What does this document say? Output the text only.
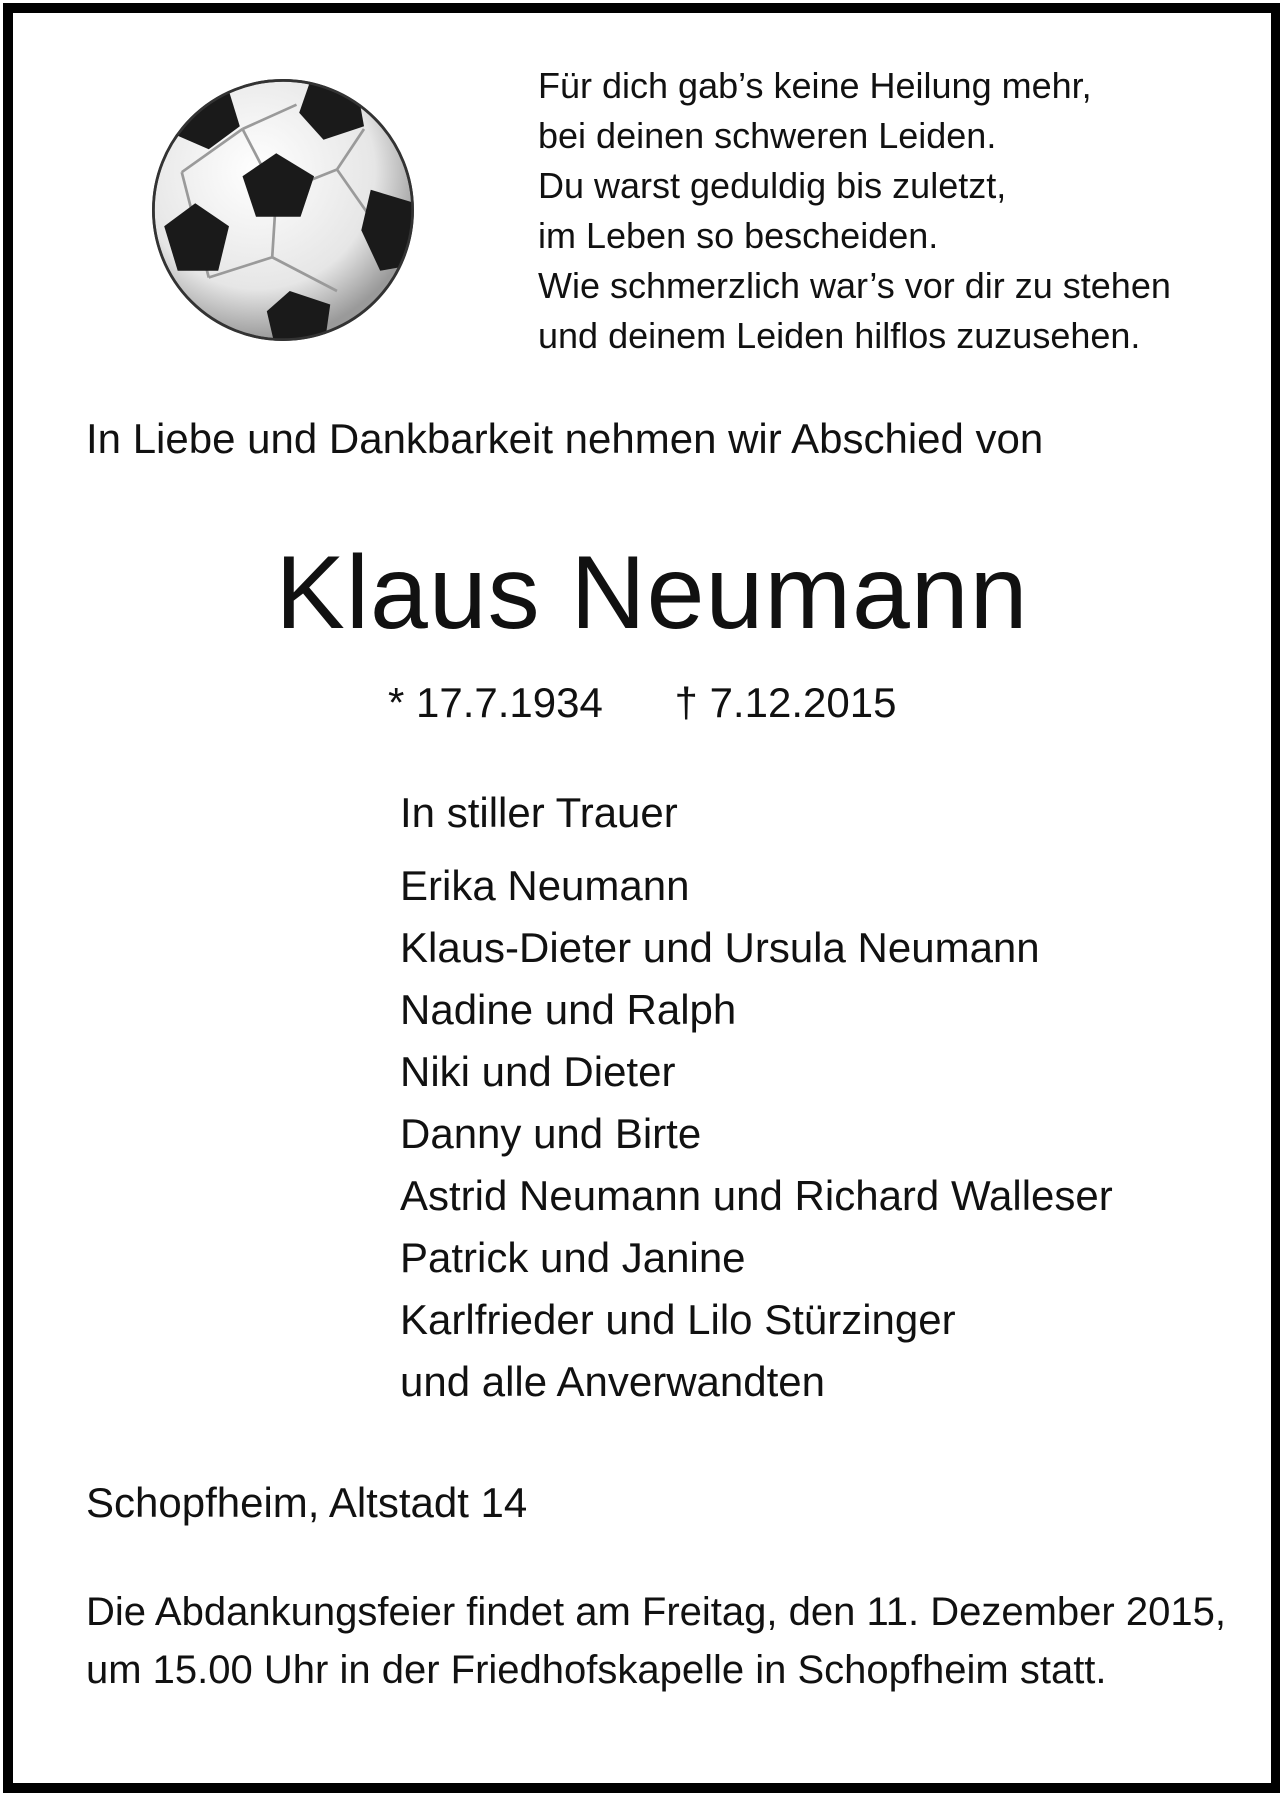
Für dich gab’s keine Heilung mehr,
bei deinen schweren Leiden.
Du warst geduldig bis zuletzt,
im Leben so bescheiden.
Wie schmerzlich war’s vor dir zu stehen
und deinem Leiden hilflos zuzusehen.
In Liebe und Dankbarkeit nehmen wir Abschied von
Klaus Neumann
* 17.7.1934 † 7.12.2015
In stiller Trauer
Erika Neumann
Klaus-Dieter und Ursula Neumann
Nadine und Ralph
Niki und Dieter
Danny und Birte
Astrid Neumann und Richard Walleser
Patrick und Janine
Karlfrieder und Lilo Stürzinger
und alle Anverwandten
Schopfheim, Altstadt 14
Die Abdankungsfeier findet am Freitag, den 11. Dezember 2015, um 15.00 Uhr in der Friedhofskapelle in Schopfheim statt.
